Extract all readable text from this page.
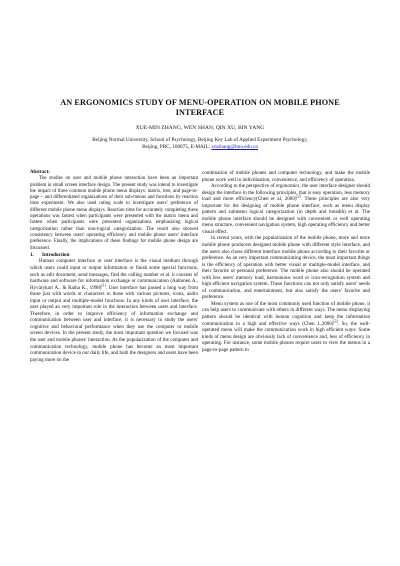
AN ERGONOMICS STUDY OF MENU-OPERATION ON MOBILE PHONE
INTERFACE
XUE-MIN ZHANG, WEN SHAN, QIN XU, BIN YANG
Beijing Normal University, School of Psychology, Beijing Key Lab of Applied Experiment Psychology,
Beijing, PRC, 100875, E-MAIL: xmzhang@bnu.edu.cn

Abstract:

The studies on user and mobile phone interaction have been an important problem in small screen interface design. The present study was intend to investigate the impact of three common mobile phone menu displays: matrix, tree, and page-to-page – and differentiated organizations of their sub-menus and functions by reaction time experiment. We also used rating scale to investigate users' preference of different mobile phone menu displays. Reaction time for accurately completing these operations was fastest when participants were presented with the matrix menu and fastest when participants were presented organizations emphasizing logical categorization rather than non-logical categorization. The result also showed consistency between users' operating efficiency and mobile phone users' interface preference. Finally, the implications of these findings for mobile phone design are discussed.

1. Introduction

Human computer interface or user interface is the visual medium through which users could input or output information or finish some special functions, such as edit document, send messages, find the calling number et al. it consists of hardware and software for information exchange or communication (Aaltonen A., Hyvärykari A., & Raiha K., 1998)[1]. User interface has passed a long way from those just with words or characters to those with various pictures, icons, audio input or output and multiple-model functions. In any kinds of user interface, the user played an very important role in the interaction between users and interface. Therefore, in order to improve efficiency of information exchange and communication between user and interface, it is necessary to study the users' cognitive and behavioral performance when they use the computer or mobile screen devices. In the present study, the most important question we focused was the user and mobile phones' interaction. As the popularization of the computer and communication technology, mobile phone has become an most important communication device in our daily life, and both the designers and users have been paying more on the

combination of mobile phones and computer technology, and make the mobile phone work well in individuation, convenience, and efficiency of operation.

According to the perspective of ergonomics, the user interface designer should design the interface in the following principles, that is easy operation, less memory load and more efficiency(Chen et al, 2000)[2]. These principles are also very important for the designing of mobile phone interface, such as menu display pattern and submenu logical categorization (in depth and breadth) et al. The mobile phone interface should be designed with convenient or well operating menu structure, convenient navigation system, high operating efficiency and better visual effect.

In recent years, with the popularization of the mobile phone, more and more mobile phone producers designed mobile phone with different style interface, and the users also chose different interface mobile phone according to their favorite or preference. As an very important communicating device, the most important things is the efficiency of operation with better visual or multiple-model interface, and their favorite or personal preference. The mobile phone also should be operated with less users' memory load, harmonious word or icon-recognition system and high efficient navigation system. These functions can not only satisfy users' needs of communication, and entertainment, but also satisfy the users' favorite and preference.

Menu system as one of the most commonly used function of mobile phone, it can help users to communicate with others in different ways. The menu displaying pattern should be identical with human cognition and keep the information communication in a high and effective ways (Chen J.,2000)[3]. So, the well-operated menu will make the communication work in high efficient ways: Some kinds of menu design are obviously lack of convenience and, less of efficiency in operating. For instance, some mobile phones require users to view the menus in a page-to-page pattern to
